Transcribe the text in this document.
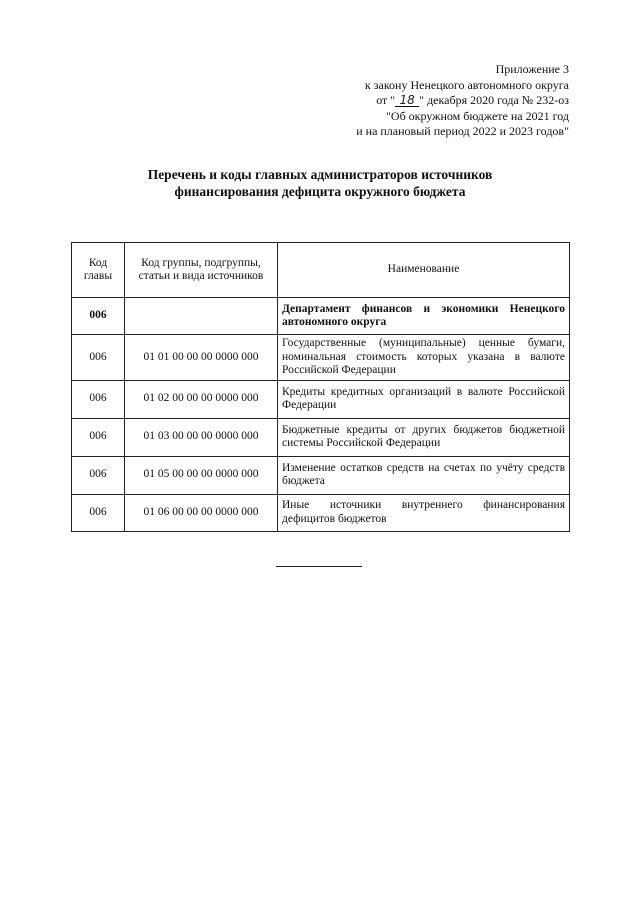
Приложение 3
к закону Ненецкого автономного округа
от " 18 " декабря 2020 года № 232-оз
"Об окружном бюджете на 2021 год
и на плановый период 2022 и 2023 годов"
Перечень и коды главных администраторов источников
финансирования дефицита окружного бюджета
Код главы	Код группы, подгруппы, статьи и вида источников	Наименование
006		Департамент финансов и экономики Ненецкого автономного округа
006	01 01 00 00 00 0000 000	Государственные (муниципальные) ценные бумаги, номинальная стоимость которых указана в валюте Российской Федерации
006	01 02 00 00 00 0000 000	Кредиты кредитных организаций в валюте Российской Федерации
006	01 03 00 00 00 0000 000	Бюджетные кредиты от других бюджетов бюджетной системы Российской Федерации
006	01 05 00 00 00 0000 000	Изменение остатков средств на счетах по учёту средств бюджета
006	01 06 00 00 00 0000 000	Иные источники внутреннего финансирования дефицитов бюджетов
